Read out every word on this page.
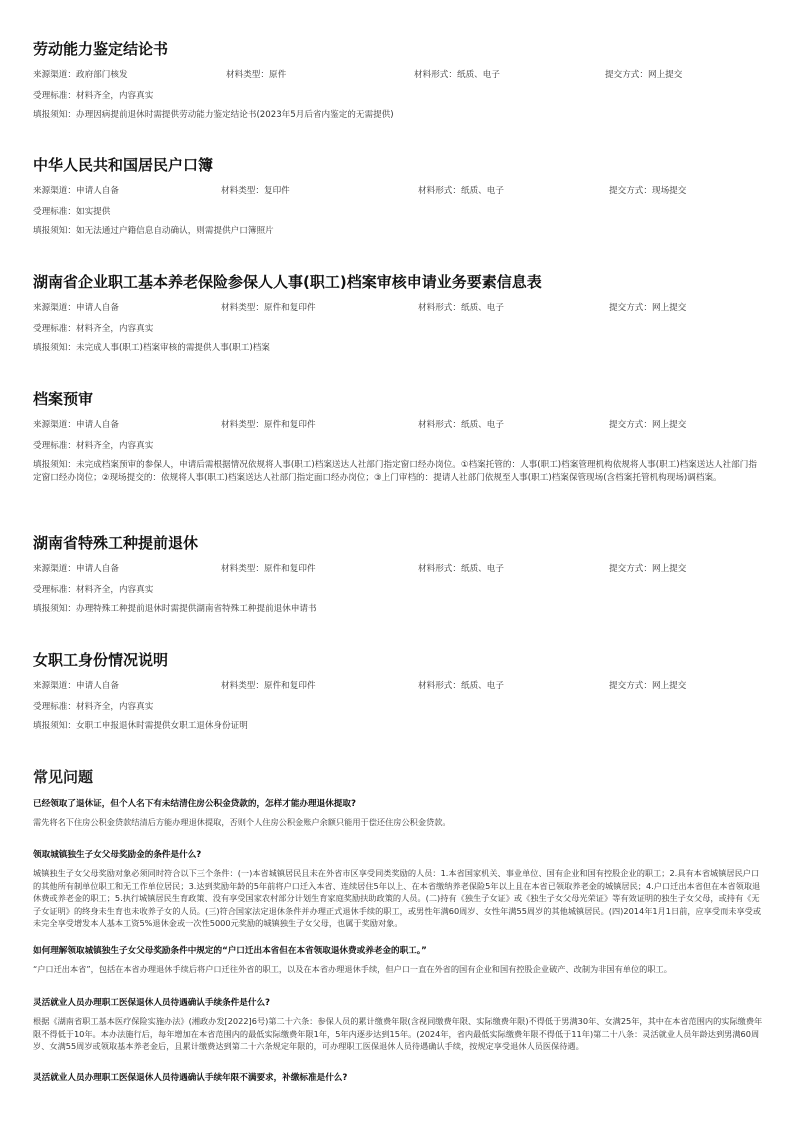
劳动能力鉴定结论书
来源渠道：政府部门核发	材料类型：原件	材料形式：纸质、电子	提交方式：网上提交
受理标准：材料齐全，内容真实
填报须知：办理因病提前退休时需提供劳动能力鉴定结论书(2023年5月后省内鉴定的无需提供)
中华人民共和国居民户口簿
来源渠道：申请人自备	材料类型：复印件	材料形式：纸质、电子	提交方式：现场提交
受理标准：如实提供
填报须知：如无法通过户籍信息自动确认，则需提供户口簿照片
湖南省企业职工基本养老保险参保人人事(职工)档案审核申请业务要素信息表
来源渠道：申请人自备	材料类型：原件和复印件	材料形式：纸质、电子	提交方式：网上提交
受理标准：材料齐全，内容真实
填报须知：未完成人事(职工)档案审核的需提供人事(职工)档案
档案预审
来源渠道：申请人自备	材料类型：原件和复印件	材料形式：纸质、电子	提交方式：网上提交
受理标准：材料齐全，内容真实
填报须知：未完成档案预审的参保人，申请后需根据情况依规将人事(职工)档案送达人社部门指定窗口经办岗位。①档案托管的：人事(职工)档案管理机构依规将人事(职工)档案送达人社部门指定窗口经办岗位；②现场提交的：依规将人事(职工)档案送达人社部门指定面口经办岗位；③上门审档的：提请人社部门依规至人事(职工)档案保管现场(含档案托管机构现场)调档案。
湖南省特殊工种提前退休
来源渠道：申请人自备	材料类型：原件和复印件	材料形式：纸质、电子	提交方式：网上提交
受理标准：材料齐全，内容真实
填报须知：办理特殊工种提前退休时需提供湖南省特殊工种提前退休申请书
女职工身份情况说明
来源渠道：申请人自备	材料类型：原件和复印件	材料形式：纸质、电子	提交方式：网上提交
受理标准：材料齐全，内容真实
填报须知：女职工申报退休时需提供女职工退休身份证明
常见问题
已经领取了退休证，但个人名下有未结清住房公积金贷款的，怎样才能办理退休提取?
需先将名下住房公积金贷款结清后方能办理退休提取，否则个人住房公积金账户余额只能用于偿还住房公积金贷款。
领取城镇独生子女父母奖励金的条件是什么?
城镇独生子女父母奖励对象必须同时符合以下三个条件：(一)本省城镇居民且未在外省市区享受同类奖励的人员：1.本省国家机关、事业单位、国有企业和国有控股企业的职工；2.具有本省城镇居民户口的其他所有制单位职工和无工作单位居民；3.达到奖励年龄的5年前将户口迁入本省、连续居住5年以上、在本省缴纳养老保险5年以上且在本省已领取养老金的城镇居民；4.户口迁出本省但在本省领取退休费或养老金的职工；5.执行城镇居民生育政策、没有享受国家农村部分计划生育家庭奖励扶助政策的人员。(二)持有《独生子女证》或《独生子女父母光荣证》等有效证明的独生子女父母，或持有《无子女证明》的终身未生育也未收养子女的人员。(三)符合国家法定退休条件并办理正式退休手续的职工，或男性年满60周岁、女性年满55周岁的其他城镇居民。(四)2014年1月1日前，应享受而未享受或未完全享受增发本人基本工资5%退休金或一次性5000元奖励的城镇独生子女父母，也属于奖励对象。
如何理解领取城镇独生子女父母奖励条件中规定的“户口迁出本省但在本省领取退休费或养老金的职工。”
“户口迁出本省”，包括在本省办理退休手续后将户口迁往外省的职工，以及在本省办理退休手续，但户口一直在外省的国有企业和国有控股企业破产、改制为非国有单位的职工。
灵活就业人员办理职工医保退休人员待遇确认手续条件是什么?
根据《湖南省职工基本医疗保险实施办法》(湘政办发[2022]6号)第二十六条：参保人员的累计缴费年限(含视同缴费年限、实际缴费年限)不得低于男满30年、女满25年，其中在本省范围内的实际缴费年限不得低于10年。本办法施行后，每年增加在本省范围内的最低实际缴费年限1年，5年内逐步达到15年。(2024年，省内最低实际缴费年限不得低于11年)第二十八条：灵活就业人员年龄达到男满60周岁、女满55周岁或领取基本养老金后，且累计缴费达到第二十六条规定年限的，可办理职工医保退休人员待遇确认手续，按规定享受退休人员医保待遇。
灵活就业人员办理职工医保退休人员待遇确认手续年限不满要求，补缴标准是什么?
